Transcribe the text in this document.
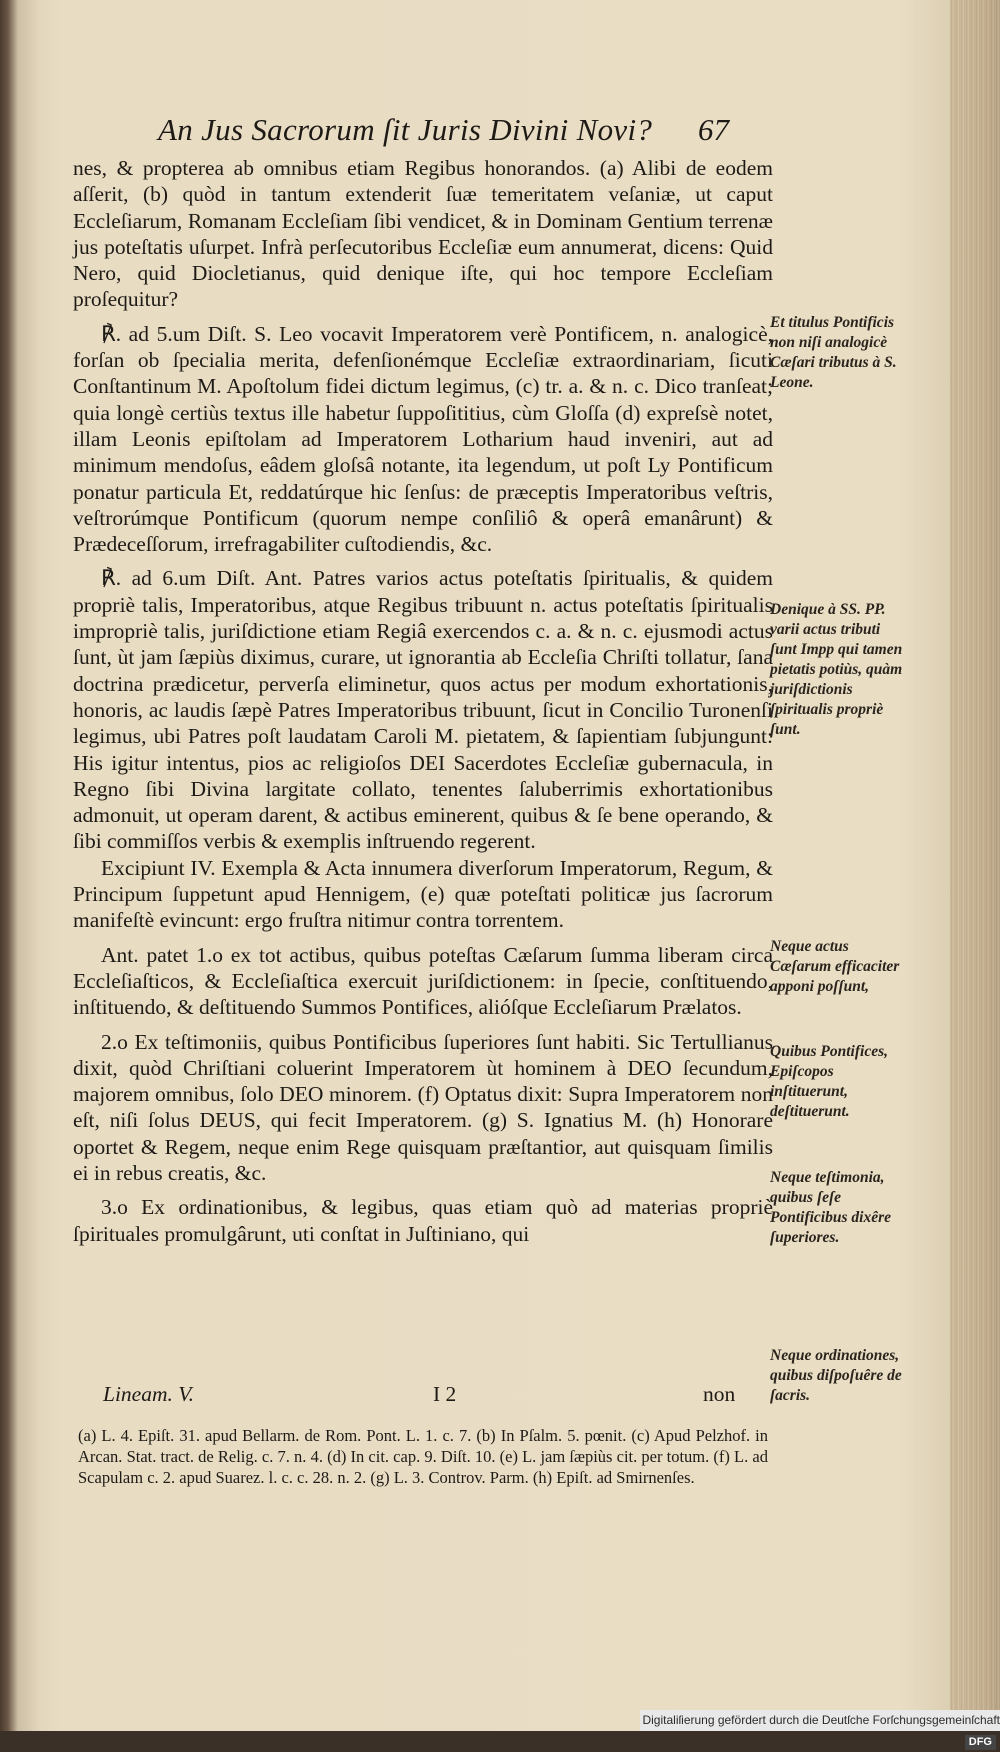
An Jus Sacrorum ſit Juris Divini Novi?	67

nes, & propterea ab omnibus etiam Regibus honorandos. (a) Alibi de eodem aſſerit, (b) quòd in tantum extenderit ſuæ temeritatem veſaniæ, ut caput Eccleſiarum, Romanam Eccleſiam ſibi vendicet, & in Dominam Gentium terrenæ jus poteſtatis uſurpet. Infrà perſecutoribus Eccleſiæ eum annumerat, dicens: Quid Nero, quid Diocletianus, quid denique iſte, qui hoc tempore Eccleſiam proſequitur?

℟. ad 5.um Diſt. S. Leo vocavit Imperatorem verè Pontificem, n. analogicè, forſan ob ſpecialia merita, defenſionémque Eccleſiæ extraordinariam, ſicuti Conſtantinum M. Apoſtolum fidei dictum legimus, (c) tr. a. & n. c. Dico tranſeat; quia longè certiùs textus ille habetur ſuppoſititius, cùm Gloſſa (d) expreſsè notet, illam Leonis epiſtolam ad Imperatorem Lotharium haud inveniri, aut ad minimum mendoſus, eâdem gloſsâ notante, ita legendum, ut poſt Ly Pontificum ponatur particula Et, reddatúrque hic ſenſus: de præceptis Imperatoribus veſtris, veſtrorúmque Pontificum (quorum nempe conſiliô & operâ emanârunt) & Prædeceſſorum, irrefragabiliter cuſtodiendis, &c.

℟. ad 6.um Diſt. Ant. Patres varios actus poteſtatis ſpiritualis, & quidem propriè talis, Imperatoribus, atque Regibus tribuunt n. actus poteſtatis ſpiritualis impropriè talis, juriſdictione etiam Regiâ exercendos c. a. & n. c. ejusmodi actus ſunt, ùt jam ſæpiùs diximus, curare, ut ignorantia ab Eccleſia Chriſti tollatur, ſana doctrina prædicetur, perverſa eliminetur, quos actus per modum exhortationis, honoris, ac laudis ſæpè Patres Imperatoribus tribuunt, ſicut in Concilio Turonenſi legimus, ubi Patres poſt laudatam Caroli M. pietatem, & ſapientiam ſubjungunt: His igitur intentus, pios ac religioſos DEI Sacerdotes Eccleſiæ gubernacula, in Regno ſibi Divina largitate collato, tenentes ſaluberrimis exhortationibus admonuit, ut operam darent, & actibus eminerent, quibus & ſe bene operando, & ſibi commiſſos verbis & exemplis inſtruendo regerent.

Excipiunt IV. Exempla & Acta innumera diverſorum Imperatorum, Regum, & Principum ſuppetunt apud Hennigem, (e) quæ poteſtati politicæ jus ſacrorum manifeſtè evincunt: ergo fruſtra nitimur contra torrentem.

Ant. patet 1.o ex tot actibus, quibus poteſtas Cæſarum ſumma liberam circa Eccleſiaſticos, & Eccleſiaſtica exercuit juriſdictionem: in ſpecie, conſtituendo, inſtituendo, & deſtituendo Summos Pontifices, alióſque Eccleſiarum Prælatos.

2.o Ex teſtimoniis, quibus Pontificibus ſuperiores ſunt habiti. Sic Tertullianus dixit, quòd Chriſtiani coluerint Imperatorem ùt hominem à DEO ſecundum, majorem omnibus, ſolo DEO minorem. (f) Optatus dixit: Supra Imperatorem non eſt, niſi ſolus DEUS, qui fecit Imperatorem. (g) S. Ignatius M. (h) Honorare oportet & Regem, neque enim Rege quisquam præſtantior, aut quisquam ſimilis ei in rebus creatis, &c.

3.o Ex ordinationibus, & legibus, quas etiam quò ad materias propriè ſpirituales promulgârunt, uti conſtat in Juſtiniano, qui

Et titulus Pontificis non niſi analogicè Cæſari tributus à S. Leone.
Denique à SS. PP. varii actus tributi ſunt Impp qui tamen pietatis potiùs, quàm juriſdictionis ſpiritualis propriè ſunt.
Neque actus Cæſarum efficaciter apponi poſſunt,
Quibus Pontifices, Epiſcopos inſtituerunt, deſtituerunt.
Neque teſtimonia, quibus ſeſe Pontificibus dixêre ſuperiores.
Neque ordinationes, quibus diſpoſuêre de ſacris.
Lineam. V.	I 2	non
(a) L. 4. Epiſt. 31. apud Bellarm. de Rom. Pont. L. 1. c. 7. (b) In Pſalm. 5. pœnit. (c) Apud Pelzhof. in Arcan. Stat. tract. de Relig. c. 7. n. 4. (d) In cit. cap. 9. Diſt. 10. (e) L. jam ſæpiùs cit. per totum. (f) L. ad Scapulam c. 2. apud Suarez. l. c. c. 28. n. 2. (g) L. 3. Controv. Parm. (h) Epiſt. ad Smirnenſes.
Digitaliſierung gefördert durch die Deutſche Forſchungsgemeinſchaft · DFG
